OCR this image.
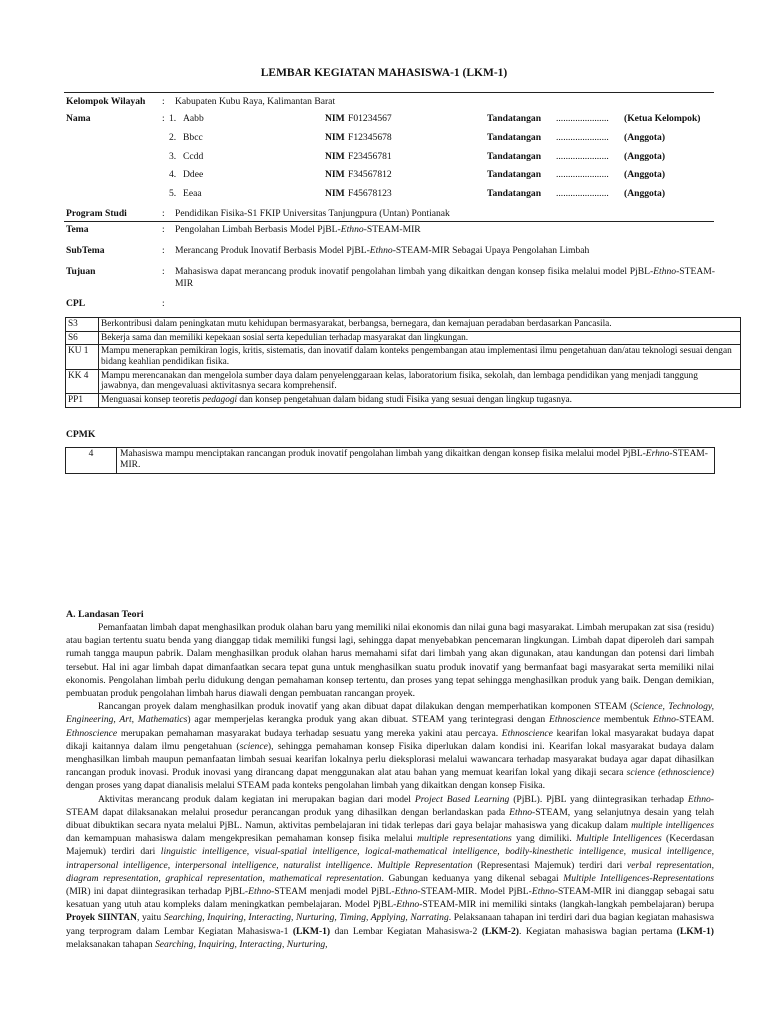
LEMBAR KEGIATAN MAHASISWA-1 (LKM-1)
Kelompok Wilayah : Kabupaten Kubu Raya, Kalimantan Barat
Nama	: 1. Aabb	NIM F01234567	Tandatangan ...................... (Ketua Kelompok)
2. Bbcc	NIM F12345678	Tandatangan ...................... (Anggota)
3. Ccdd	NIM F23456781	Tandatangan ...................... (Anggota)
4. Ddee	NIM F34567812	Tandatangan ...................... (Anggota)
5. Eeaa	NIM F45678123	Tandatangan ...................... (Anggota)
Program Studi	: Pendidikan Fisika-S1 FKIP Universitas Tanjungpura (Untan) Pontianak
Tema	: Pengolahan Limbah Berbasis Model PjBL-Ethno-STEAM-MIR
SubTema	: Merancang Produk Inovatif Berbasis Model PjBL-Ethno-STEAM-MIR Sebagai Upaya Pengolahan Limbah
Tujuan	: Mahasiswa dapat merancang produk inovatif pengolahan limbah yang dikaitkan dengan konsep fisika melalui model PjBL-Ethno-STEAM-MIR
CPL	:
S3	Berkontribusi dalam peningkatan mutu kehidupan bermasyarakat, berbangsa, bernegara, dan kemajuan peradaban berdasarkan Pancasila.
S6	Bekerja sama dan memiliki kepekaan sosial serta kepedulian terhadap masyarakat dan lingkungan.
KU 1	Mampu menerapkan pemikiran logis, kritis, sistematis, dan inovatif dalam konteks pengembangan atau implementasi ilmu pengetahuan dan/atau teknologi sesuai dengan bidang keahlian pendidikan fisika.
KK 4	Mampu merencanakan dan mengelola sumber daya dalam penyelenggaraan kelas, laboratorium fisika, sekolah, dan lembaga pendidikan yang menjadi tanggung jawabnya, dan mengevaluasi aktivitasnya secara komprehensif.
PP1	Menguasai konsep teoretis pedagogi dan konsep pengetahuan dalam bidang studi Fisika yang sesuai dengan lingkup tugasnya.
CPMK
4	Mahasiswa mampu menciptakan rancangan produk inovatif pengolahan limbah yang dikaitkan dengan konsep fisika melalui model PjBL-Erhno-STEAM-MIR.
A. Landasan Teori

Pemanfaatan limbah dapat menghasilkan produk olahan baru yang memiliki nilai ekonomis dan nilai guna bagi masyarakat. Limbah merupakan zat sisa (residu) atau bagian tertentu suatu benda yang dianggap tidak memiliki fungsi lagi, sehingga dapat menyebabkan pencemaran lingkungan. Limbah dapat diperoleh dari sampah rumah tangga maupun pabrik. Dalam menghasilkan produk olahan harus memahami sifat dari limbah yang akan digunakan, atau kandungan dan potensi dari limbah tersebut. Hal ini agar limbah dapat dimanfaatkan secara tepat guna untuk menghasilkan suatu produk inovatif yang bermanfaat bagi masyarakat serta memiliki nilai ekonomis. Pengolahan limbah perlu didukung dengan pemahaman konsep tertentu, dan proses yang tepat sehingga menghasilkan produk yang baik. Dengan demikian, pembuatan produk pengolahan limbah harus diawali dengan pembuatan rancangan proyek.

Rancangan proyek dalam menghasilkan produk inovatif yang akan dibuat dapat dilakukan dengan memperhatikan komponen STEAM (Science, Technology, Engineering, Art, Mathematics) agar memperjelas kerangka produk yang akan dibuat. STEAM yang terintegrasi dengan Ethnoscience membentuk Ethno-STEAM. Ethnoscience merupakan pemahaman masyarakat budaya terhadap sesuatu yang mereka yakini atau percaya. Ethnoscience kearifan lokal masyarakat budaya dapat dikaji kaitannya dalam ilmu pengetahuan (science), sehingga pemahaman konsep Fisika diperlukan dalam kondisi ini. Kearifan lokal masyarakat budaya dalam menghasilkan limbah maupun pemanfaatan limbah sesuai kearifan lokalnya perlu dieksplorasi melalui wawancara terhadap masyarakat budaya agar dapat dihasilkan rancangan produk inovasi. Produk inovasi yang dirancang dapat menggunakan alat atau bahan yang memuat kearifan lokal yang dikaji secara science (ethnoscience) dengan proses yang dapat dianalisis melalui STEAM pada konteks pengolahan limbah yang dikaitkan dengan konsep Fisika.

Aktivitas merancang produk dalam kegiatan ini merupakan bagian dari model Project Based Learning (PjBL). PjBL yang diintegrasikan terhadap Ethno-STEAM dapat dilaksanakan melalui prosedur perancangan produk yang dihasilkan dengan berlandaskan pada Ethno-STEAM, yang selanjutnya desain yang telah dibuat dibuktikan secara nyata melalui PjBL. Namun, aktivitas pembelajaran ini tidak terlepas dari gaya belajar mahasiswa yang dicakup dalam multiple intelligences dan kemampuan mahasiswa dalam mengekpresikan pemahaman konsep fisika melalui multiple representations yang dimiliki. Multiple Intelligences (Kecerdasan Majemuk) terdiri dari linguistic intelligence, visual-spatial intelligence, logical-mathematical intelligence, bodily-kinesthetic intelligence, musical intelligence, intrapersonal intelligence, interpersonal intelligence, naturalist intelligence. Multiple Representation (Representasi Majemuk) terdiri dari verbal representation, diagram representation, graphical representation, mathematical representation. Gabungan keduanya yang dikenal sebagai Multiple Intelligences-Representations (MIR) ini dapat diintegrasikan terhadap PjBL-Ethno-STEAM menjadi model PjBL-Ethno-STEAM-MIR. Model PjBL-Ethno-STEAM-MIR ini dianggap sebagai satu kesatuan yang utuh atau kompleks dalam meningkatkan pembelajaran. Model PjBL-Ethno-STEAM-MIR ini memiliki sintaks (langkah-langkah pembelajaran) berupa Proyek SIINTAN, yaitu Searching, Inquiring, Interacting, Nurturing, Timing, Applying, Narrating. Pelaksanaan tahapan ini terdiri dari dua bagian kegiatan mahasiswa yang terprogram dalam Lembar Kegiatan Mahasiswa-1 (LKM-1) dan Lembar Kegiatan Mahasiswa-2 (LKM-2). Kegiatan mahasiswa bagian pertama (LKM-1) melaksanakan tahapan Searching, Inquiring, Interacting, Nurturing,
